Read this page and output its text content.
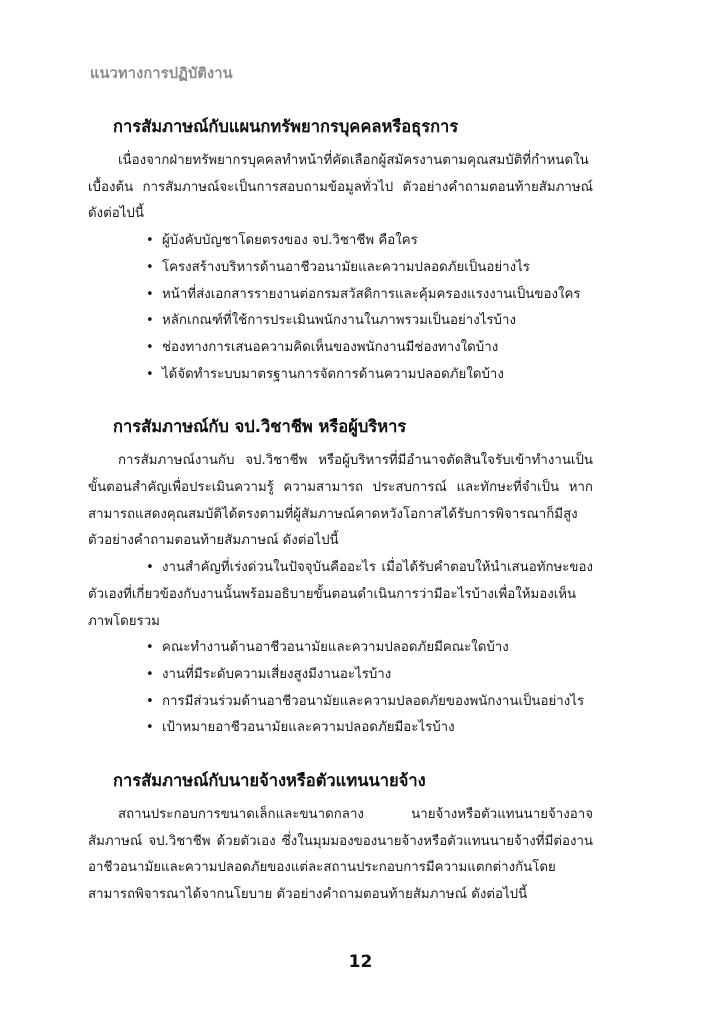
แนวทางการปฏิบัติงาน
การสัมภาษณ์กับแผนกทรัพยากรบุคคลหรือธุรการ

เนื่องจากฝ่ายทรัพยากรบุคคลทำหน้าที่คัดเลือกผู้สมัครงานตามคุณสมบัติที่กำหนดในเบื้องต้น การสัมภาษณ์จะเป็นการสอบถามข้อมูลทั่วไป ตัวอย่างคำถามตอนท้ายสัมภาษณ์ ดังต่อไปนี้

• ผู้บังคับบัญชาโดยตรงของ จป.วิชาชีพ คือใคร
• โครงสร้างบริหารด้านอาชีวอนามัยและความปลอดภัยเป็นอย่างไร
• หน้าที่ส่งเอกสารรายงานต่อกรมสวัสดิการและคุ้มครองแรงงานเป็นของใคร
• หลักเกณฑ์ที่ใช้การประเมินพนักงานในภาพรวมเป็นอย่างไรบ้าง
• ช่องทางการเสนอความคิดเห็นของพนักงานมีช่องทางใดบ้าง
• ได้จัดทำระบบมาตรฐานการจัดการด้านความปลอดภัยใดบ้าง
การสัมภาษณ์กับ จป.วิชาชีพ หรือผู้บริหาร

การสัมภาษณ์งานกับ จป.วิชาชีพ หรือผู้บริหารที่มีอำนาจตัดสินใจรับเข้าทำงานเป็นขั้นตอนสำคัญเพื่อประเมินความรู้ ความสามารถ ประสบการณ์ และทักษะที่จำเป็น หากสามารถแสดงคุณสมบัติได้ตรงตามที่ผู้สัมภาษณ์คาดหวังโอกาสได้รับการพิจารณาก็มีสูง ตัวอย่างคำถามตอนท้ายสัมภาษณ์ ดังต่อไปนี้

• งานสำคัญที่เร่งด่วนในปัจจุบันคืออะไร เมื่อได้รับคำตอบให้นำเสนอทักษะของตัวเองที่เกี่ยวข้องกับงานนั้นพร้อมอธิบายขั้นตอนดำเนินการว่ามีอะไรบ้างเพื่อให้มองเห็นภาพโดยรวม
• คณะทำงานด้านอาชีวอนามัยและความปลอดภัยมีคณะใดบ้าง
• งานที่มีระดับความเสี่ยงสูงมีงานอะไรบ้าง
• การมีส่วนร่วมด้านอาชีวอนามัยและความปลอดภัยของพนักงานเป็นอย่างไร
• เป้าหมายอาชีวอนามัยและความปลอดภัยมีอะไรบ้าง
การสัมภาษณ์กับนายจ้างหรือตัวแทนนายจ้าง

สถานประกอบการขนาดเล็กและขนาดกลาง นายจ้างหรือตัวแทนนายจ้างอาจสัมภาษณ์ จป.วิชาชีพ ด้วยตัวเอง ซึ่งในมุมมองของนายจ้างหรือตัวแทนนายจ้างที่มีต่องานอาชีวอนามัยและความปลอดภัยของแต่ละสถานประกอบการมีความแตกต่างกันโดยสามารถพิจารณาได้จากนโยบาย ตัวอย่างคำถามตอนท้ายสัมภาษณ์ ดังต่อไปนี้

12
